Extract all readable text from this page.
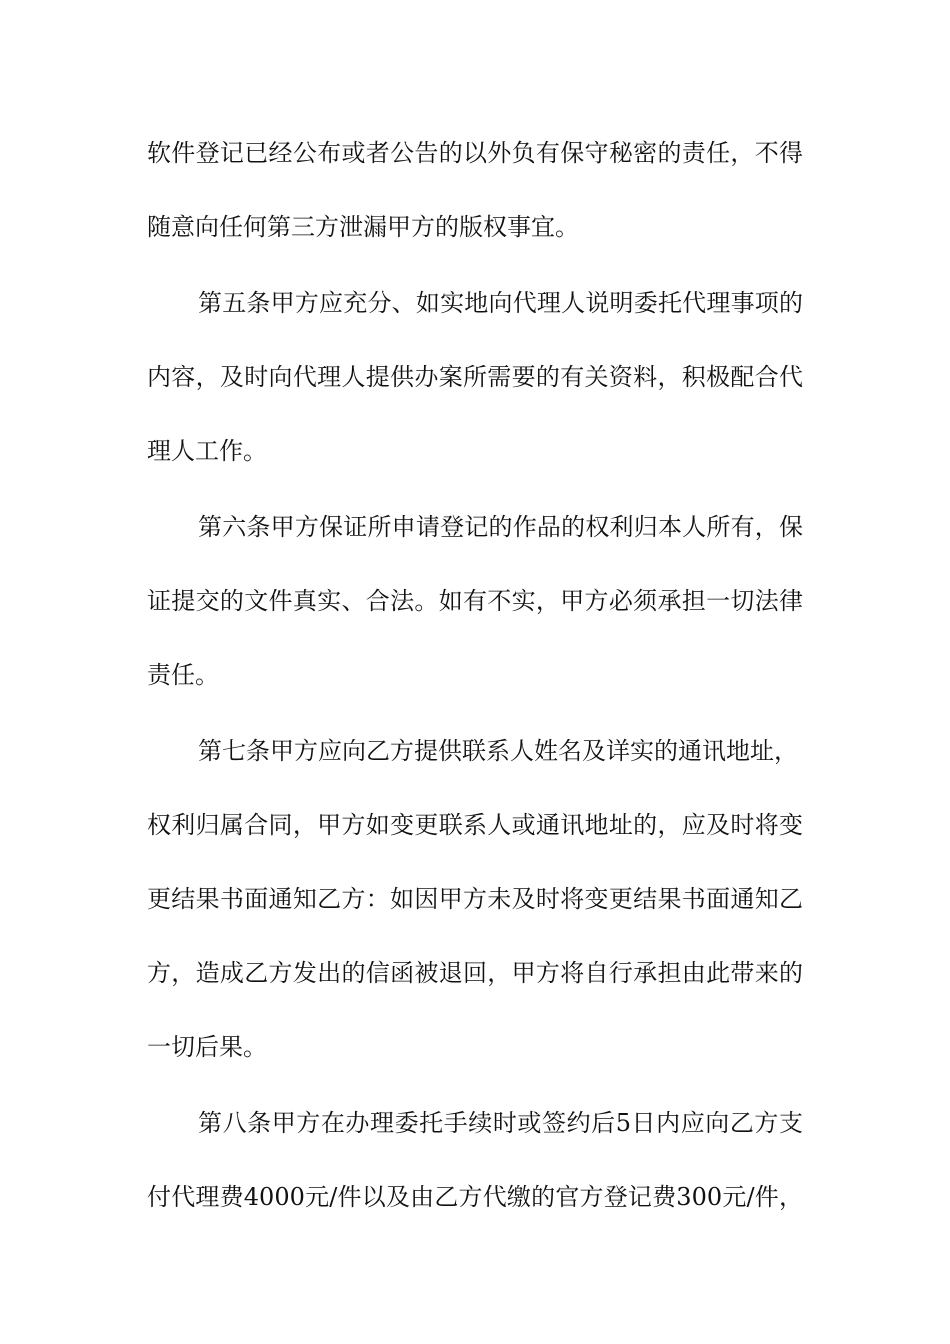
软件登记已经公布或者公告的以外负有保守秘密的责任，不得
随意向任何第三方泄漏甲方的版权事宜。
第五条甲方应充分、如实地向代理人说明委托代理事项的
内容，及时向代理人提供办案所需要的有关资料，积极配合代
理人工作。
第六条甲方保证所申请登记的作品的权利归本人所有，保
证提交的文件真实、合法。如有不实，甲方必须承担一切法律
责任。
第七条甲方应向乙方提供联系人姓名及详实的通讯地址，
权利归属合同，甲方如变更联系人或通讯地址的，应及时将变
更结果书面通知乙方：如因甲方未及时将变更结果书面通知乙
方，造成乙方发出的信函被退回，甲方将自行承担由此带来的
一切后果。
第八条甲方在办理委托手续时或签约后5日内应向乙方支
付代理费4000元/件以及由乙方代缴的官方登记费300元/件，
